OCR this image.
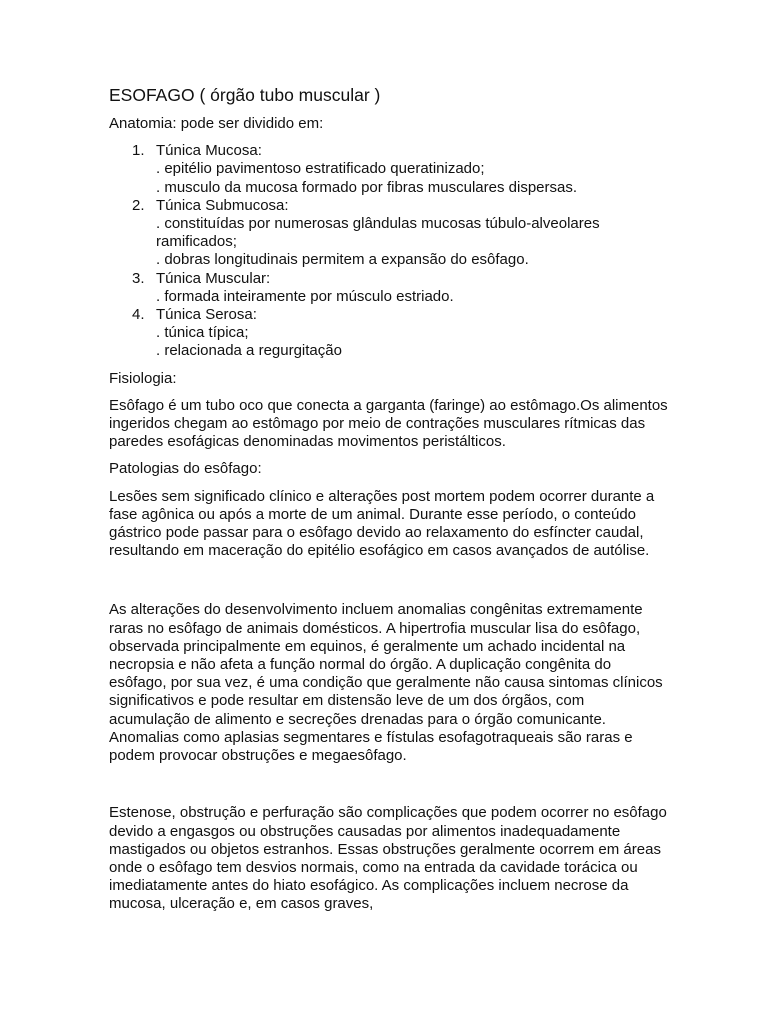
ESOFAGO ( órgão tubo muscular )
Anatomia: pode ser dividido em:
1. Túnica Mucosa:
. epitélio pavimentoso estratificado queratinizado;
. musculo da mucosa formado por fibras musculares dispersas.
2. Túnica Submucosa:
. constituídas por numerosas glândulas mucosas túbulo-alveolares ramificados;
. dobras longitudinais permitem a expansão do esôfago.
3. Túnica Muscular:
. formada inteiramente por músculo estriado.
4. Túnica Serosa:
. túnica típica;
. relacionada a regurgitação
Fisiologia:
Esôfago é um tubo oco que conecta a garganta (faringe) ao estômago.Os alimentos ingeridos chegam ao estômago por meio de contrações musculares rítmicas das paredes esofágicas denominadas movimentos peristálticos.
Patologias do esôfago:
Lesões sem significado clínico e alterações post mortem podem ocorrer durante a fase agônica ou após a morte de um animal. Durante esse período, o conteúdo gástrico pode passar para o esôfago devido ao relaxamento do esfíncter caudal, resultando em maceração do epitélio esofágico em casos avançados de autólise.
As alterações do desenvolvimento incluem anomalias congênitas extremamente raras no esôfago de animais domésticos. A hipertrofia muscular lisa do esôfago, observada principalmente em equinos, é geralmente um achado incidental na necropsia e não afeta a função normal do órgão. A duplicação congênita do esôfago, por sua vez, é uma condição que geralmente não causa sintomas clínicos significativos e pode resultar em distensão leve de um dos órgãos, com acumulação de alimento e secreções drenadas para o órgão comunicante. Anomalias como aplasias segmentares e fístulas esofagotraqueais são raras e podem provocar obstruções e megaesôfago.
Estenose, obstrução e perfuração são complicações que podem ocorrer no esôfago devido a engasgos ou obstruções causadas por alimentos inadequadamente mastigados ou objetos estranhos. Essas obstruções geralmente ocorrem em áreas onde o esôfago tem desvios normais, como na entrada da cavidade torácica ou imediatamente antes do hiato esofágico. As complicações incluem necrose da mucosa, ulceração e, em casos graves,
